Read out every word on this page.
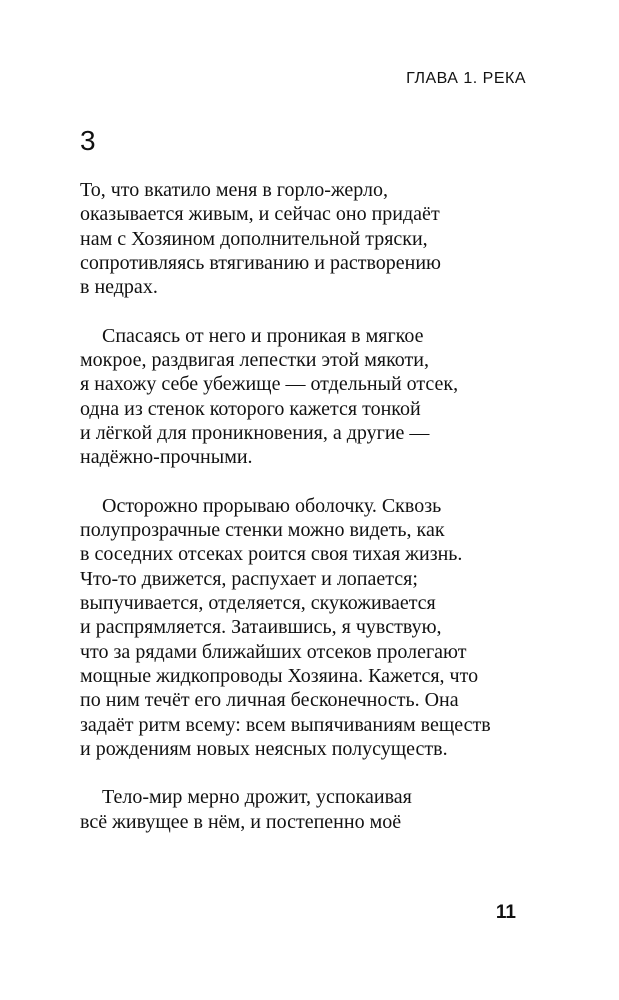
ГЛАВА 1. РЕКА
3

То, что вкатило меня в горло-жерло,
оказывается живым, и сейчас оно придаёт
нам с Хозяином дополнительной тряски,
сопротивляясь втягиванию и растворению
в недрах.

Спасаясь от него и проникая в мягкое
мокрое, раздвигая лепестки этой мякоти,
я нахожу себе убежище — отдельный отсек,
одна из стенок которого кажется тонкой
и лёгкой для проникновения, а другие —
надёжно-прочными.

Осторожно прорываю оболочку. Сквозь
полупрозрачные стенки можно видеть, как
в соседних отсеках роится своя тихая жизнь.
Что-то движется, распухает и лопается;
выпучивается, отделяется, скукоживается
и распрямляется. Затаившись, я чувствую,
что за рядами ближайших отсеков пролегают
мощные жидкопроводы Хозяина. Кажется, что
по ним течёт его личная бесконечность. Она
задаёт ритм всему: всем выпячиваниям веществ
и рождениям новых неясных полусуществ.

Тело-мир мерно дрожит, успокаивая
всё живущее в нём, и постепенно моё

11
